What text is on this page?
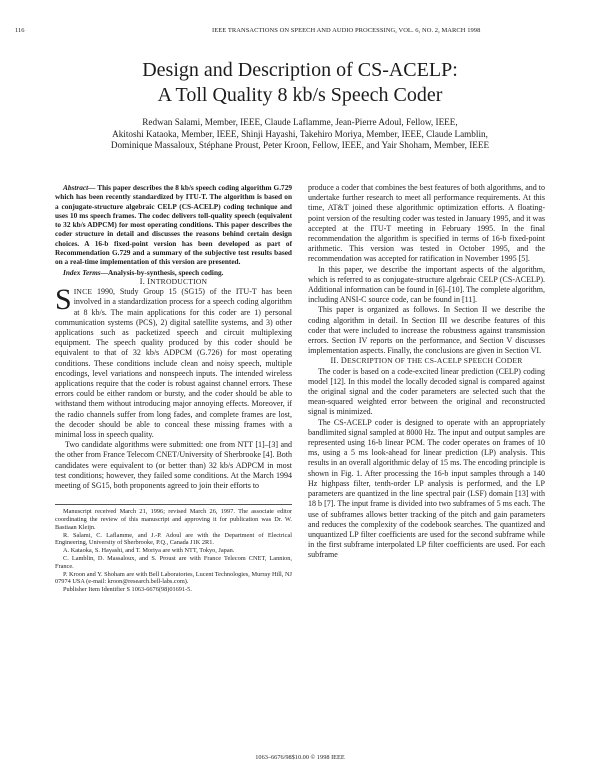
116	IEEE TRANSACTIONS ON SPEECH AND AUDIO PROCESSING, VOL. 6, NO. 2, MARCH 1998
Design and Description of CS-ACELP:
A Toll Quality 8 kb/s Speech Coder
Redwan Salami, Member, IEEE, Claude Laflamme, Jean-Pierre Adoul, Fellow, IEEE,
Akitoshi Kataoka, Member, IEEE, Shinji Hayashi, Takehiro Moriya, Member, IEEE, Claude Lamblin,
Dominique Massaloux, Stéphane Proust, Peter Kroon, Fellow, IEEE, and Yair Shoham, Member, IEEE

Abstract— This paper describes the 8 kb/s speech coding algorithm G.729 which has been recently standardized by ITU-T. The algorithm is based on a conjugate-structure algebraic CELP (CS-ACELP) coding technique and uses 10 ms speech frames. The codec delivers toll-quality speech (equivalent to 32 kb/s ADPCM) for most operating conditions. This paper describes the coder structure in detail and discusses the reasons behind certain design choices. A 16-b fixed-point version has been developed as part of Recommendation G.729 and a summary of the subjective test results based on a real-time implementation of this version are presented.

Index Terms—Analysis-by-synthesis, speech coding.

I. INTRODUCTION

SINCE 1990, Study Group 15 (SG15) of the ITU-T has been involved in a standardization process for a speech coding algorithm at 8 kb/s. The main applications for this coder are 1) personal communication systems (PCS), 2) digital satellite systems, and 3) other applications such as packetized speech and circuit multiplexing equipment. The speech quality produced by this coder should be equivalent to that of 32 kb/s ADPCM (G.726) for most operating conditions. These conditions include clean and noisy speech, multiple encodings, level variations and nonspeech inputs. The intended wireless applications require that the coder is robust against channel errors. These errors could be either random or bursty, and the coder should be able to withstand them without introducing major annoying effects. Moreover, if the radio channels suffer from long fades, and complete frames are lost, the decoder should be able to conceal these missing frames with a minimal loss in speech quality.

Two candidate algorithms were submitted: one from NTT [1]–[3] and the other from France Telecom CNET/University of Sherbrooke [4]. Both candidates were equivalent to (or better than) 32 kb/s ADPCM in most test conditions; however, they failed some conditions. At the March 1994 meeting of SG15, both proponents agreed to join their efforts to

Manuscript received March 21, 1996; revised March 26, 1997. The associate editor coordinating the review of this manuscript and approving it for publication was Dr. W. Bastiaan Kleijn.

R. Salami, C. Laflamme, and J.-P. Adoul are with the Department of Electrical Engineering, University of Sherbrooke, P.Q., Canada J1K 2R1.

A. Kataoka, S. Hayashi, and T. Moriya are with NTT, Tokyo, Japan.

C. Lamblin, D. Massaloux, and S. Proust are with France Telecom CNET, Lannion, France.

P. Kroon and Y. Shoham are with Bell Laboratories, Lucent Technologies, Murray Hill, NJ 07974 USA (e-mail: kroon@research.bell-labs.com).

Publisher Item Identifier S 1063-6676(98)01691-5.

produce a coder that combines the best features of both algorithms, and to undertake further research to meet all performance requirements. At this time, AT&T joined these algorithmic optimization efforts. A floating-point version of the resulting coder was tested in January 1995, and it was accepted at the ITU-T meeting in February 1995. In the final recommendation the algorithm is specified in terms of 16-b fixed-point arithmetic. This version was tested in October 1995, and the recommendation was accepted for ratification in November 1995 [5].

In this paper, we describe the important aspects of the algorithm, which is referred to as conjugate-structure algebraic CELP (CS-ACELP). Additional information can be found in [6]–[10]. The complete algorithm, including ANSI-C source code, can be found in [11].

This paper is organized as follows. In Section II we describe the coding algorithm in detail. In Section III we describe features of this coder that were included to increase the robustness against transmission errors. Section IV reports on the performance, and Section V discusses implementation aspects. Finally, the conclusions are given in Section VI.

II. DESCRIPTION OF THE CS-ACELP SPEECH CODER

The coder is based on a code-excited linear prediction (CELP) coding model [12]. In this model the locally decoded signal is compared against the original signal and the coder parameters are selected such that the mean-squared weighted error between the original and reconstructed signal is minimized.

The CS-ACELP coder is designed to operate with an appropriately bandlimited signal sampled at 8000 Hz. The input and output samples are represented using 16-b linear PCM. The coder operates on frames of 10 ms, using a 5 ms look-ahead for linear prediction (LP) analysis. This results in an overall algorithmic delay of 15 ms. The encoding principle is shown in Fig. 1. After processing the 16-b input samples through a 140 Hz highpass filter, tenth-order LP analysis is performed, and the LP parameters are quantized in the line spectral pair (LSF) domain [13] with 18 b [7]. The input frame is divided into two subframes of 5 ms each. The use of subframes allows better tracking of the pitch and gain parameters and reduces the complexity of the codebook searches. The quantized and unquantized LP filter coefficients are used for the second subframe while in the first subframe interpolated LP filter coefficients are used. For each subframe

1063–6676/98$10.00 © 1998 IEEE
